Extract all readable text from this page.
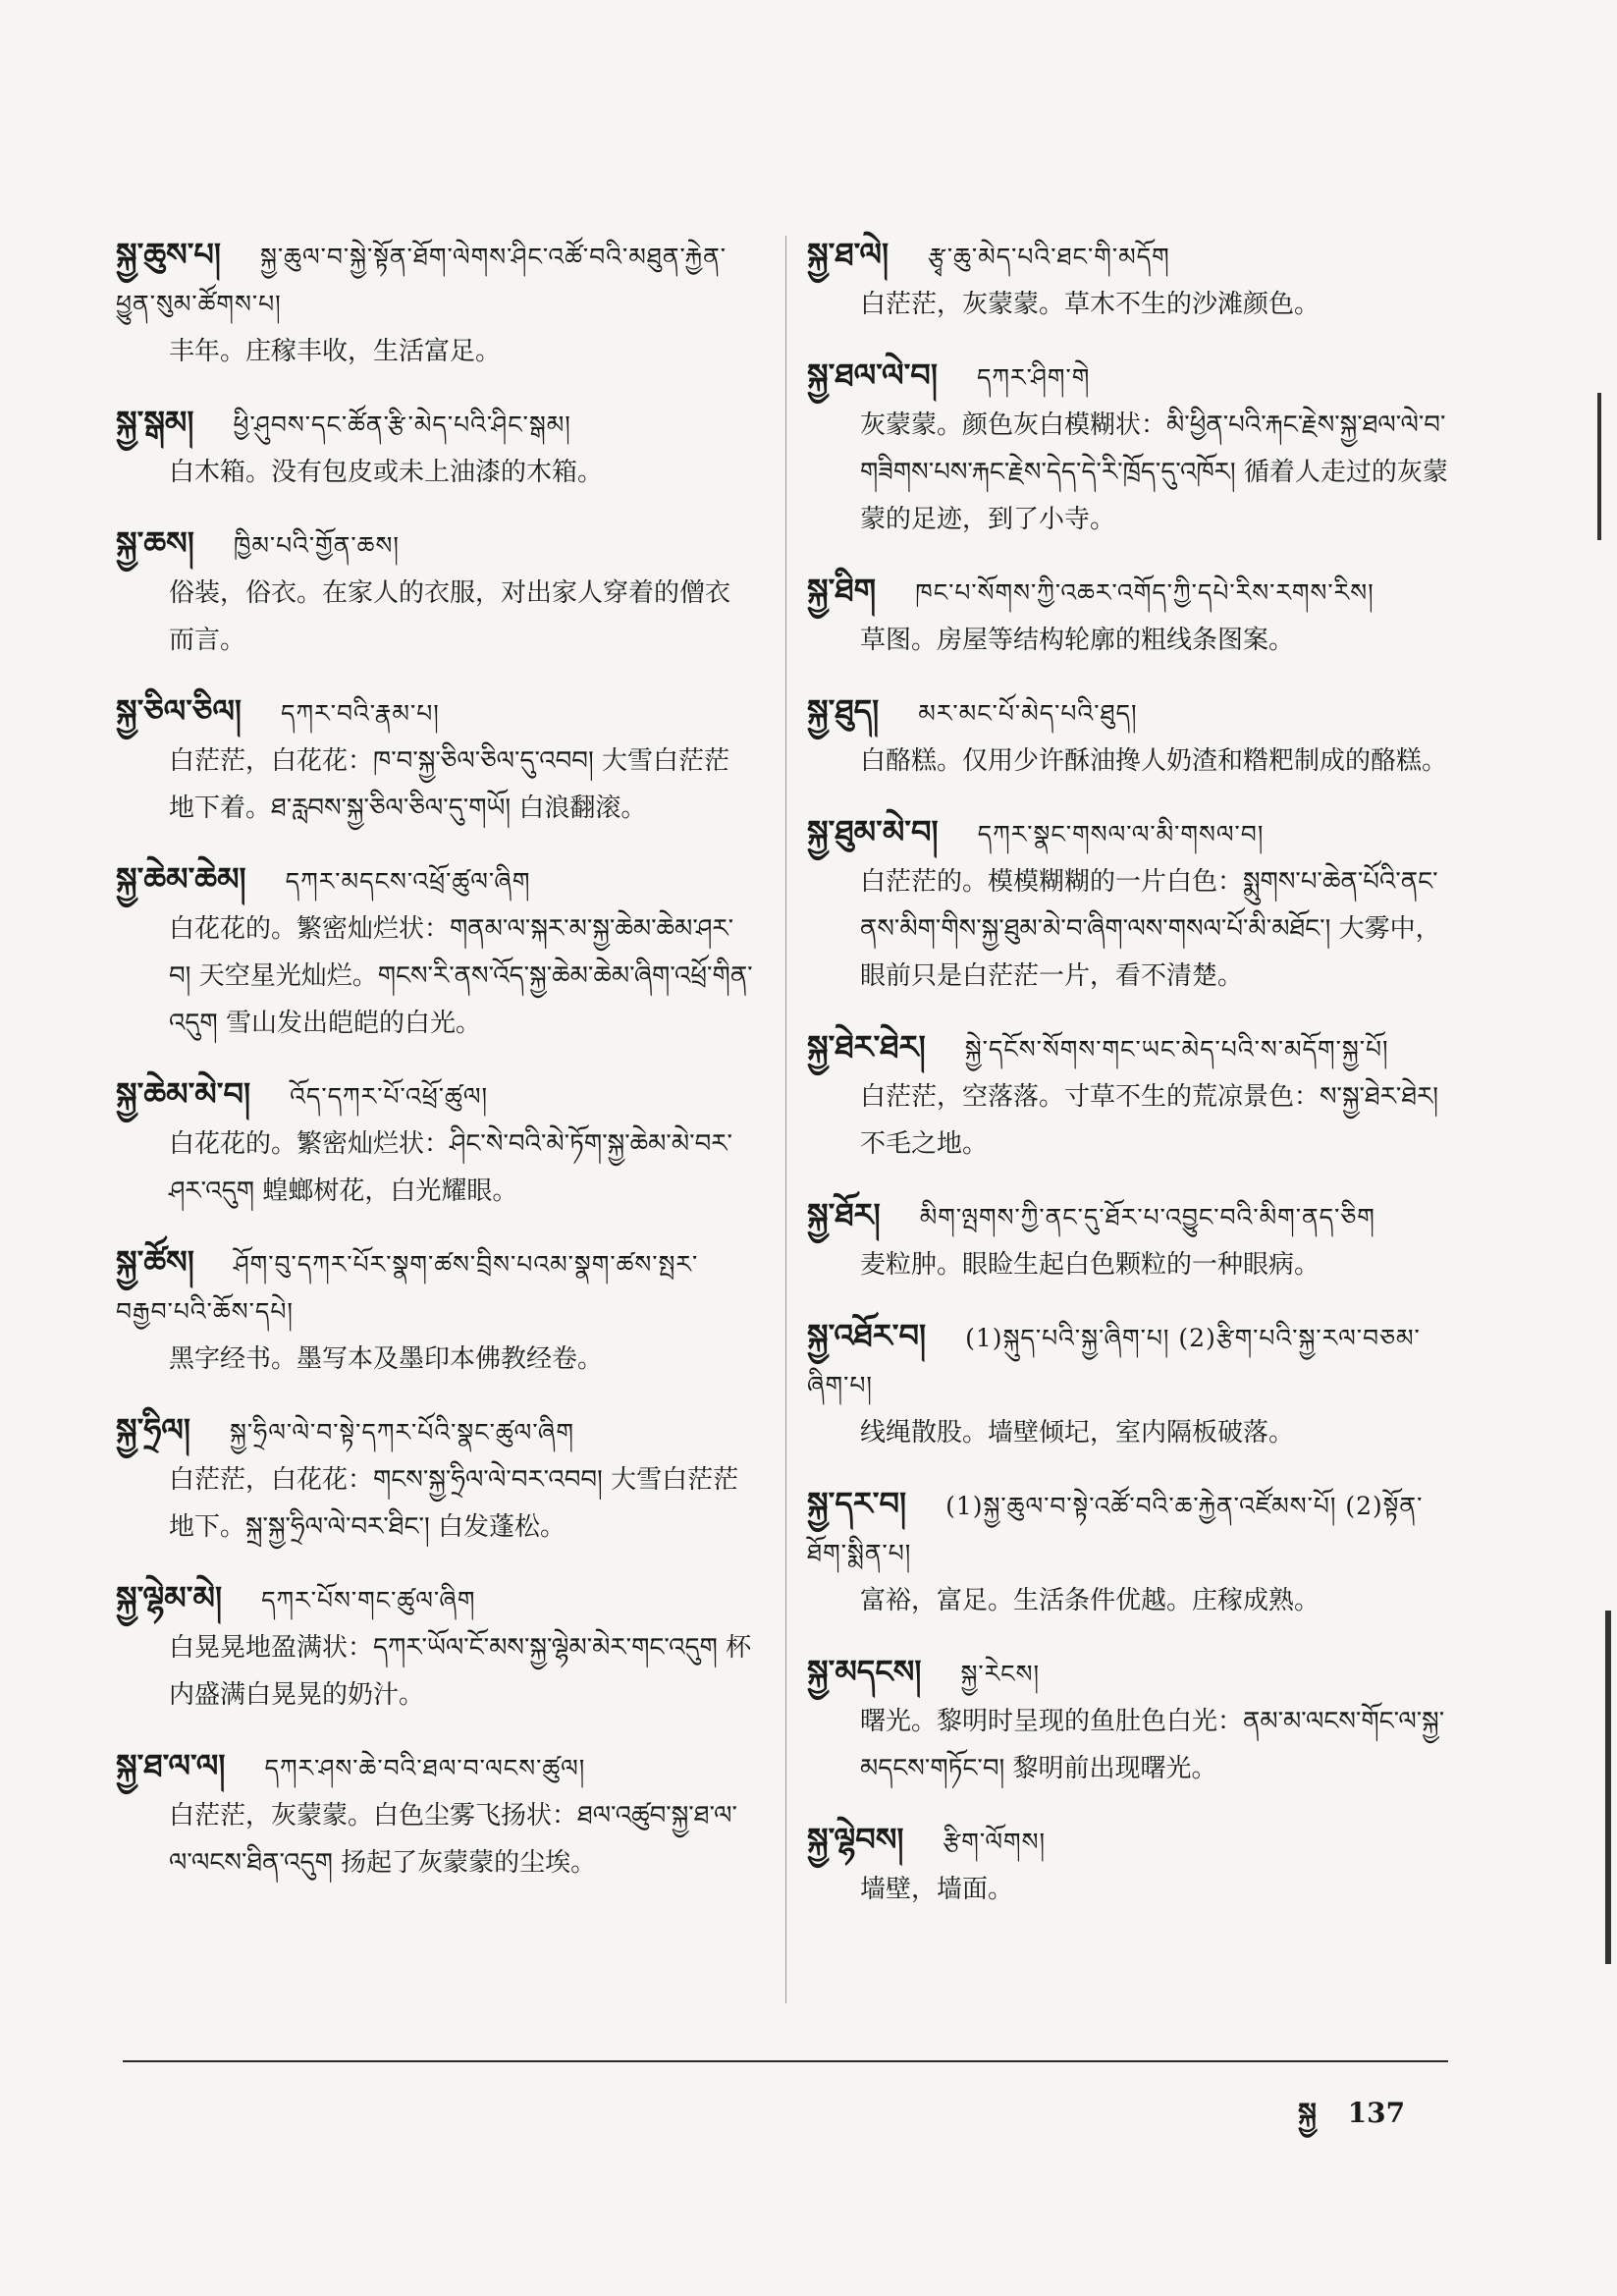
སྐྱ་ཆུས་པ། སྐྱ་ཆུལ་བ་སྐྱེ་སྟོན་ཐོག་ལེགས་ཤིང་འཚོ་བའི་མཐུན་རྐྱེན་ཕྱུན་སུམ་ཚོགས་པ།
丰年。庄稼丰收，生活富足。
སྐྱ་སྒམ། ཕྱི་ཤུབས་དང་ཚོན་རྩི་མེད་པའི་ཤིང་སྒམ།
白木箱。没有包皮或未上油漆的木箱。
སྐྱ་ཆས། ཁྱིམ་པའི་གྱོན་ཆས།
俗装，俗衣。在家人的衣服，对出家人穿着的僧衣而言。
སྐྱ་ཅིལ་ཅིལ། དཀར་བའི་རྣམ་པ།
白茫茫，白花花：ཁ་བ་སྐྱ་ཅིལ་ཅིལ་དུ་འབབ། 大雪白茫茫地下着。ཐ་རླབས་སྐྱ་ཅིལ་ཅིལ་དུ་གཡོ། 白浪翻滚。
སྐྱ་ཆེམ་ཆེམ། དཀར་མདངས་འཕྲོ་ཚུལ་ཞིག
白花花的。繁密灿烂状：གནམ་ལ་སྐར་མ་སྐྱ་ཆེམ་ཆེམ་ཤར་བ། 天空星光灿烂。གངས་རི་ནས་འོད་སྐྱ་ཆེམ་ཆེམ་ཞིག་འཕྲོ་གིན་འདུག 雪山发出皑皑的白光。
སྐྱ་ཆེམ་མེ་བ། འོད་དཀར་པོ་འཕྲོ་ཚུལ།
白花花的。繁密灿烂状：ཤིང་སེ་བའི་མེ་ཏོག་སྐྱ་ཆེམ་མེ་བར་ཤར་འདུག 蝗螂树花，白光耀眼。
སྐྱ་ཚོས། ཤོག་བུ་དཀར་པོར་སྣག་ཚས་བྲིས་པའམ་སྣག་ཚས་སྤར་བརྒྱབ་པའི་ཆོས་དཔེ།
黑字经书。墨写本及墨印本佛教经卷。
སྐྱ་ཧྲིལ། སྐྱ་ཧྲིལ་ལེ་བ་སྟེ་དཀར་པོའི་སྣང་ཚུལ་ཞིག
白茫茫，白花花：གངས་སྐྱ་ཧྲིལ་ལེ་བར་འབབ། 大雪白茫茫地下。སྐྲ་སྐྱ་ཧྲིལ་ལེ་བར་ཐིང་། 白发蓬松。
སྐྱ་ལྷེམ་མེ། དཀར་པོས་གང་ཚུལ་ཞིག
白晃晃地盈满状：དཀར་ཡོལ་ངོ་མས་སྐྱ་ལྷེམ་མེར་གང་འདུག 杯内盛满白晃晃的奶汁。
སྐྱ་ཐ་ལ་ལ། དཀར་ཤས་ཆེ་བའི་ཐལ་བ་ལངས་ཚུལ།
白茫茫，灰蒙蒙。白色尘雾飞扬状：ཐལ་འཚུབ་སྐྱ་ཐ་ལ་ལ་ལངས་ཐིན་འདུག 扬起了灰蒙蒙的尘埃。
སྐྱ་ཐ་ལེ། རྩྭ་ཆུ་མེད་པའི་ཐང་གི་མདོག
白茫茫，灰蒙蒙。草木不生的沙滩颜色。
སྐྱ་ཐལ་ལེ་བ། དཀར་ཤིག་གེ
灰蒙蒙。颜色灰白模糊状：མི་ཕྱིན་པའི་རྐང་རྗེས་སྐྱ་ཐལ་ལེ་བ་གཟིགས་པས་རྐང་རྗེས་དེད་དེ་རི་ཁྲོད་དུ་འཁོར། 循着人走过的灰蒙蒙的足迹，到了小寺。
སྐྱ་ཐིག ཁང་པ་སོགས་ཀྱི་འཆར་འགོད་ཀྱི་དཔེ་རིས་རགས་རིས།
草图。房屋等结构轮廓的粗线条图案。
སྐྱ་ཐུད། མར་མང་པོ་མེད་པའི་ཐུད།
白酪糕。仅用少许酥油搀人奶渣和糌粑制成的酪糕。
སྐྱ་ཐུམ་མེ་བ། དཀར་སྣང་གསལ་ལ་མི་གསལ་བ།
白茫茫的。模模糊糊的一片白色：སྨུགས་པ་ཆེན་པོའི་ནང་ནས་མིག་གིས་སྐྱ་ཐུམ་མེ་བ་ཞིག་ལས་གསལ་པོ་མི་མཐོང་། 大雾中，眼前只是白茫茫一片，看不清楚。
སྐྱ་ཐེར་ཐེར། སྐྱེ་དངོས་སོགས་གང་ཡང་མེད་པའི་ས་མདོག་སྐྱ་པོ།
白茫茫，空落落。寸草不生的荒凉景色：ས་སྐྱ་ཐེར་ཐེར། 不毛之地。
སྐྱ་ཐོར། མིག་ལྤགས་ཀྱི་ནང་དུ་ཐོར་པ་འབྱུང་བའི་མིག་ནད་ཅིག
麦粒肿。眼睑生起白色颗粒的一种眼病。
སྐྱ་འཐོར་བ། (1)སྐུད་པའི་སྐྱ་ཞིག་པ། (2)རྩིག་པའི་སྐྱ་རལ་བཅམ་ཞིག་པ།
线绳散股。墙壁倾圮，室内隔板破落。
སྐྱ་དར་བ། (1)སྐྱ་ཆུལ་བ་སྟེ་འཚོ་བའི་ཆ་རྐྱེན་འཛོམས་པོ། (2)སྟོན་ཐོག་སྨིན་པ།
富裕，富足。生活条件优越。庄稼成熟。
སྐྱ་མདངས། སྐྱ་རེངས།
曙光。黎明时呈现的鱼肚色白光：ནམ་མ་ལངས་གོང་ལ་སྐྱ་མདངས་གཏོང་བ། 黎明前出现曙光。
སྐྱ་ལྷེབས། རྩིག་ལོགས།
墙壁，墙面。
སྐྱ 137
